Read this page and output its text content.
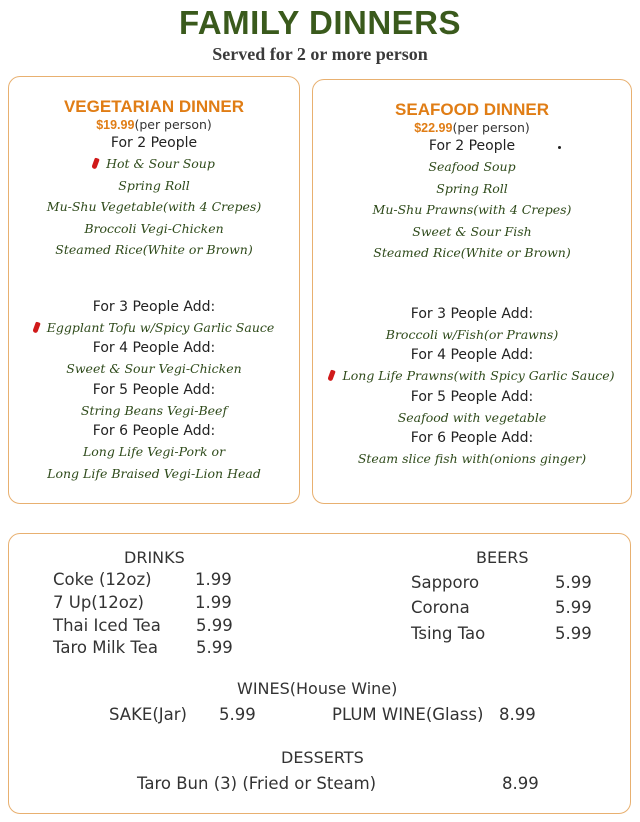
FAMILY DINNERS
Served for 2 or more person
VEGETARIAN DINNER
$19.99(per person)
For 2 People
Hot & Sour Soup
Spring Roll
Mu-Shu Vegetable(with 4 Crepes)
Broccoli Vegi-Chicken
Steamed Rice(White or Brown)
For 3 People Add:
Eggplant Tofu w/Spicy Garlic Sauce
For 4 People Add:
Sweet & Sour Vegi-Chicken
For 5 People Add:
String Beans Vegi-Beef
For 6 People Add:
Long Life Vegi-Pork or
Long Life Braised Vegi-Lion Head
SEAFOOD DINNER
$22.99(per person)
For 2 People
Seafood Soup
Spring Roll
Mu-Shu Prawns(with 4 Crepes)
Sweet & Sour Fish
Steamed Rice(White or Brown)
For 3 People Add:
Broccoli w/Fish(or Prawns)
For 4 People Add:
Long Life Prawns(with Spicy Garlic Sauce)
For 5 People Add:
Seafood with vegetable
For 6 People Add:
Steam slice fish with(onions ginger)
DRINKS
Coke (12oz)	1.99
7 Up(12oz)	1.99
Thai Iced Tea 5.99
Taro Milk Tea 5.99
BEERS
Sapporo	5.99
Corona	5.99
Tsing Tao	5.99
WINES(House Wine)
SAKE(Jar) 5.99	PLUM WINE(Glass) 8.99
DESSERTS
Taro Bun (3) (Fried or Steam)	8.99
